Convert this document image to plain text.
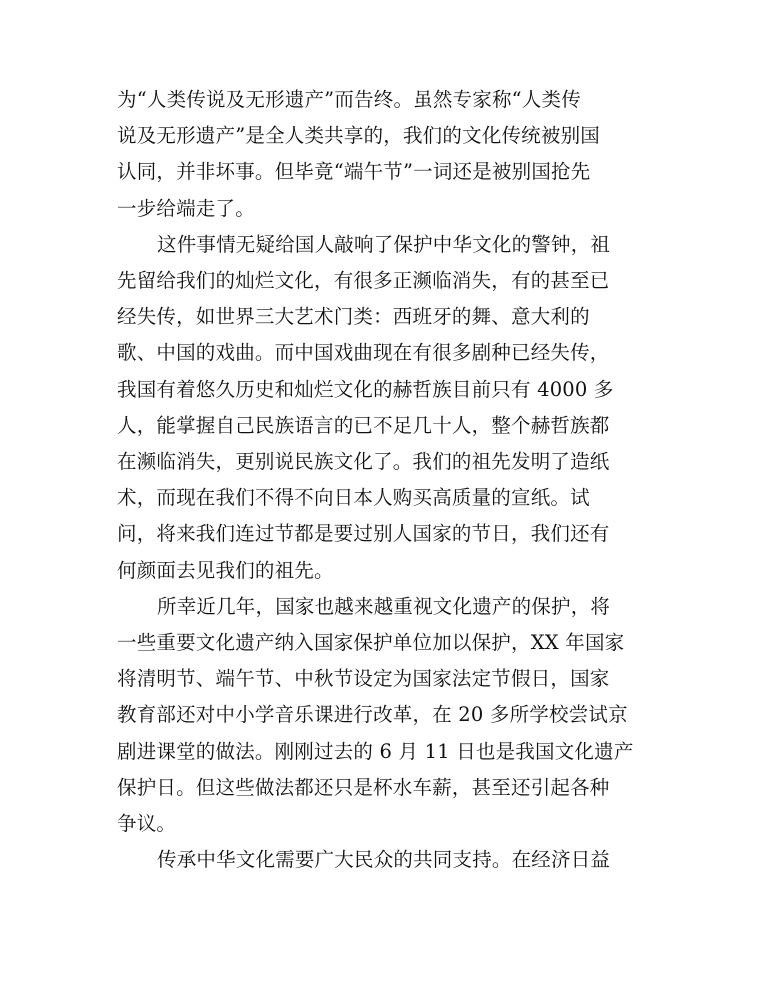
为“人类传说及无形遗产”而告终。虽然专家称“人类传
说及无形遗产”是全人类共享的，我们的文化传统被别国
认同，并非坏事。但毕竟“端午节”一词还是被别国抢先
一步给端走了。
这件事情无疑给国人敲响了保护中华文化的警钟，祖
先留给我们的灿烂文化，有很多正濒临消失，有的甚至已
经失传，如世界三大艺术门类：西班牙的舞、意大利的
歌、中国的戏曲。而中国戏曲现在有很多剧种已经失传，
我国有着悠久历史和灿烂文化的赫哲族目前只有 4000 多
人，能掌握自己民族语言的已不足几十人，整个赫哲族都
在濒临消失，更别说民族文化了。我们的祖先发明了造纸
术，而现在我们不得不向日本人购买高质量的宣纸。试
问，将来我们连过节都是要过别人国家的节日，我们还有
何颜面去见我们的祖先。
所幸近几年，国家也越来越重视文化遗产的保护，将
一些重要文化遗产纳入国家保护单位加以保护，XX 年国家
将清明节、端午节、中秋节设定为国家法定节假日，国家
教育部还对中小学音乐课进行改革，在 20 多所学校尝试京
剧进课堂的做法。刚刚过去的 6 月 11 日也是我国文化遗产
保护日。但这些做法都还只是杯水车薪，甚至还引起各种
争议。
传承中华文化需要广大民众的共同支持。在经济日益
